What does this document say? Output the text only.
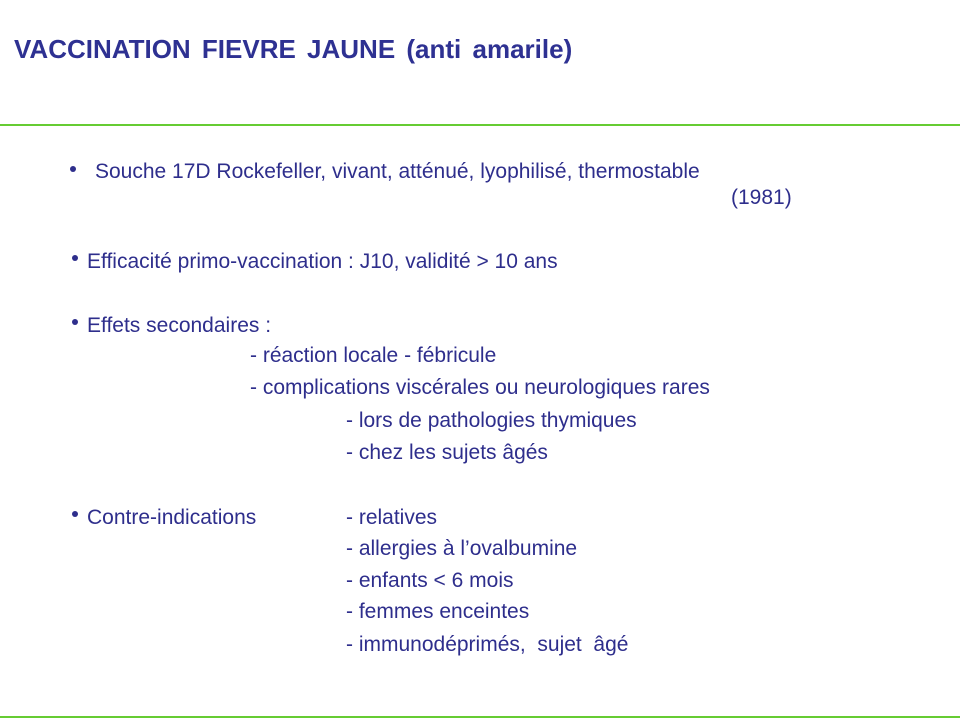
VACCINATION FIEVRE JAUNE (anti amarile)
Souche 17D Rockefeller, vivant, atténué, lyophilisé, thermostable
(1981)
Efficacité primo-vaccination : J10, validité > 10 ans
Effets secondaires :
- réaction locale - fébricule
- complications viscérales ou neurologiques rares
- lors de pathologies thymiques
- chez les sujets âgés
Contre-indications	- relatives
- allergies à l’ovalbumine
- enfants < 6 mois
- femmes enceintes
- immunodéprimés,  sujet  âgé
